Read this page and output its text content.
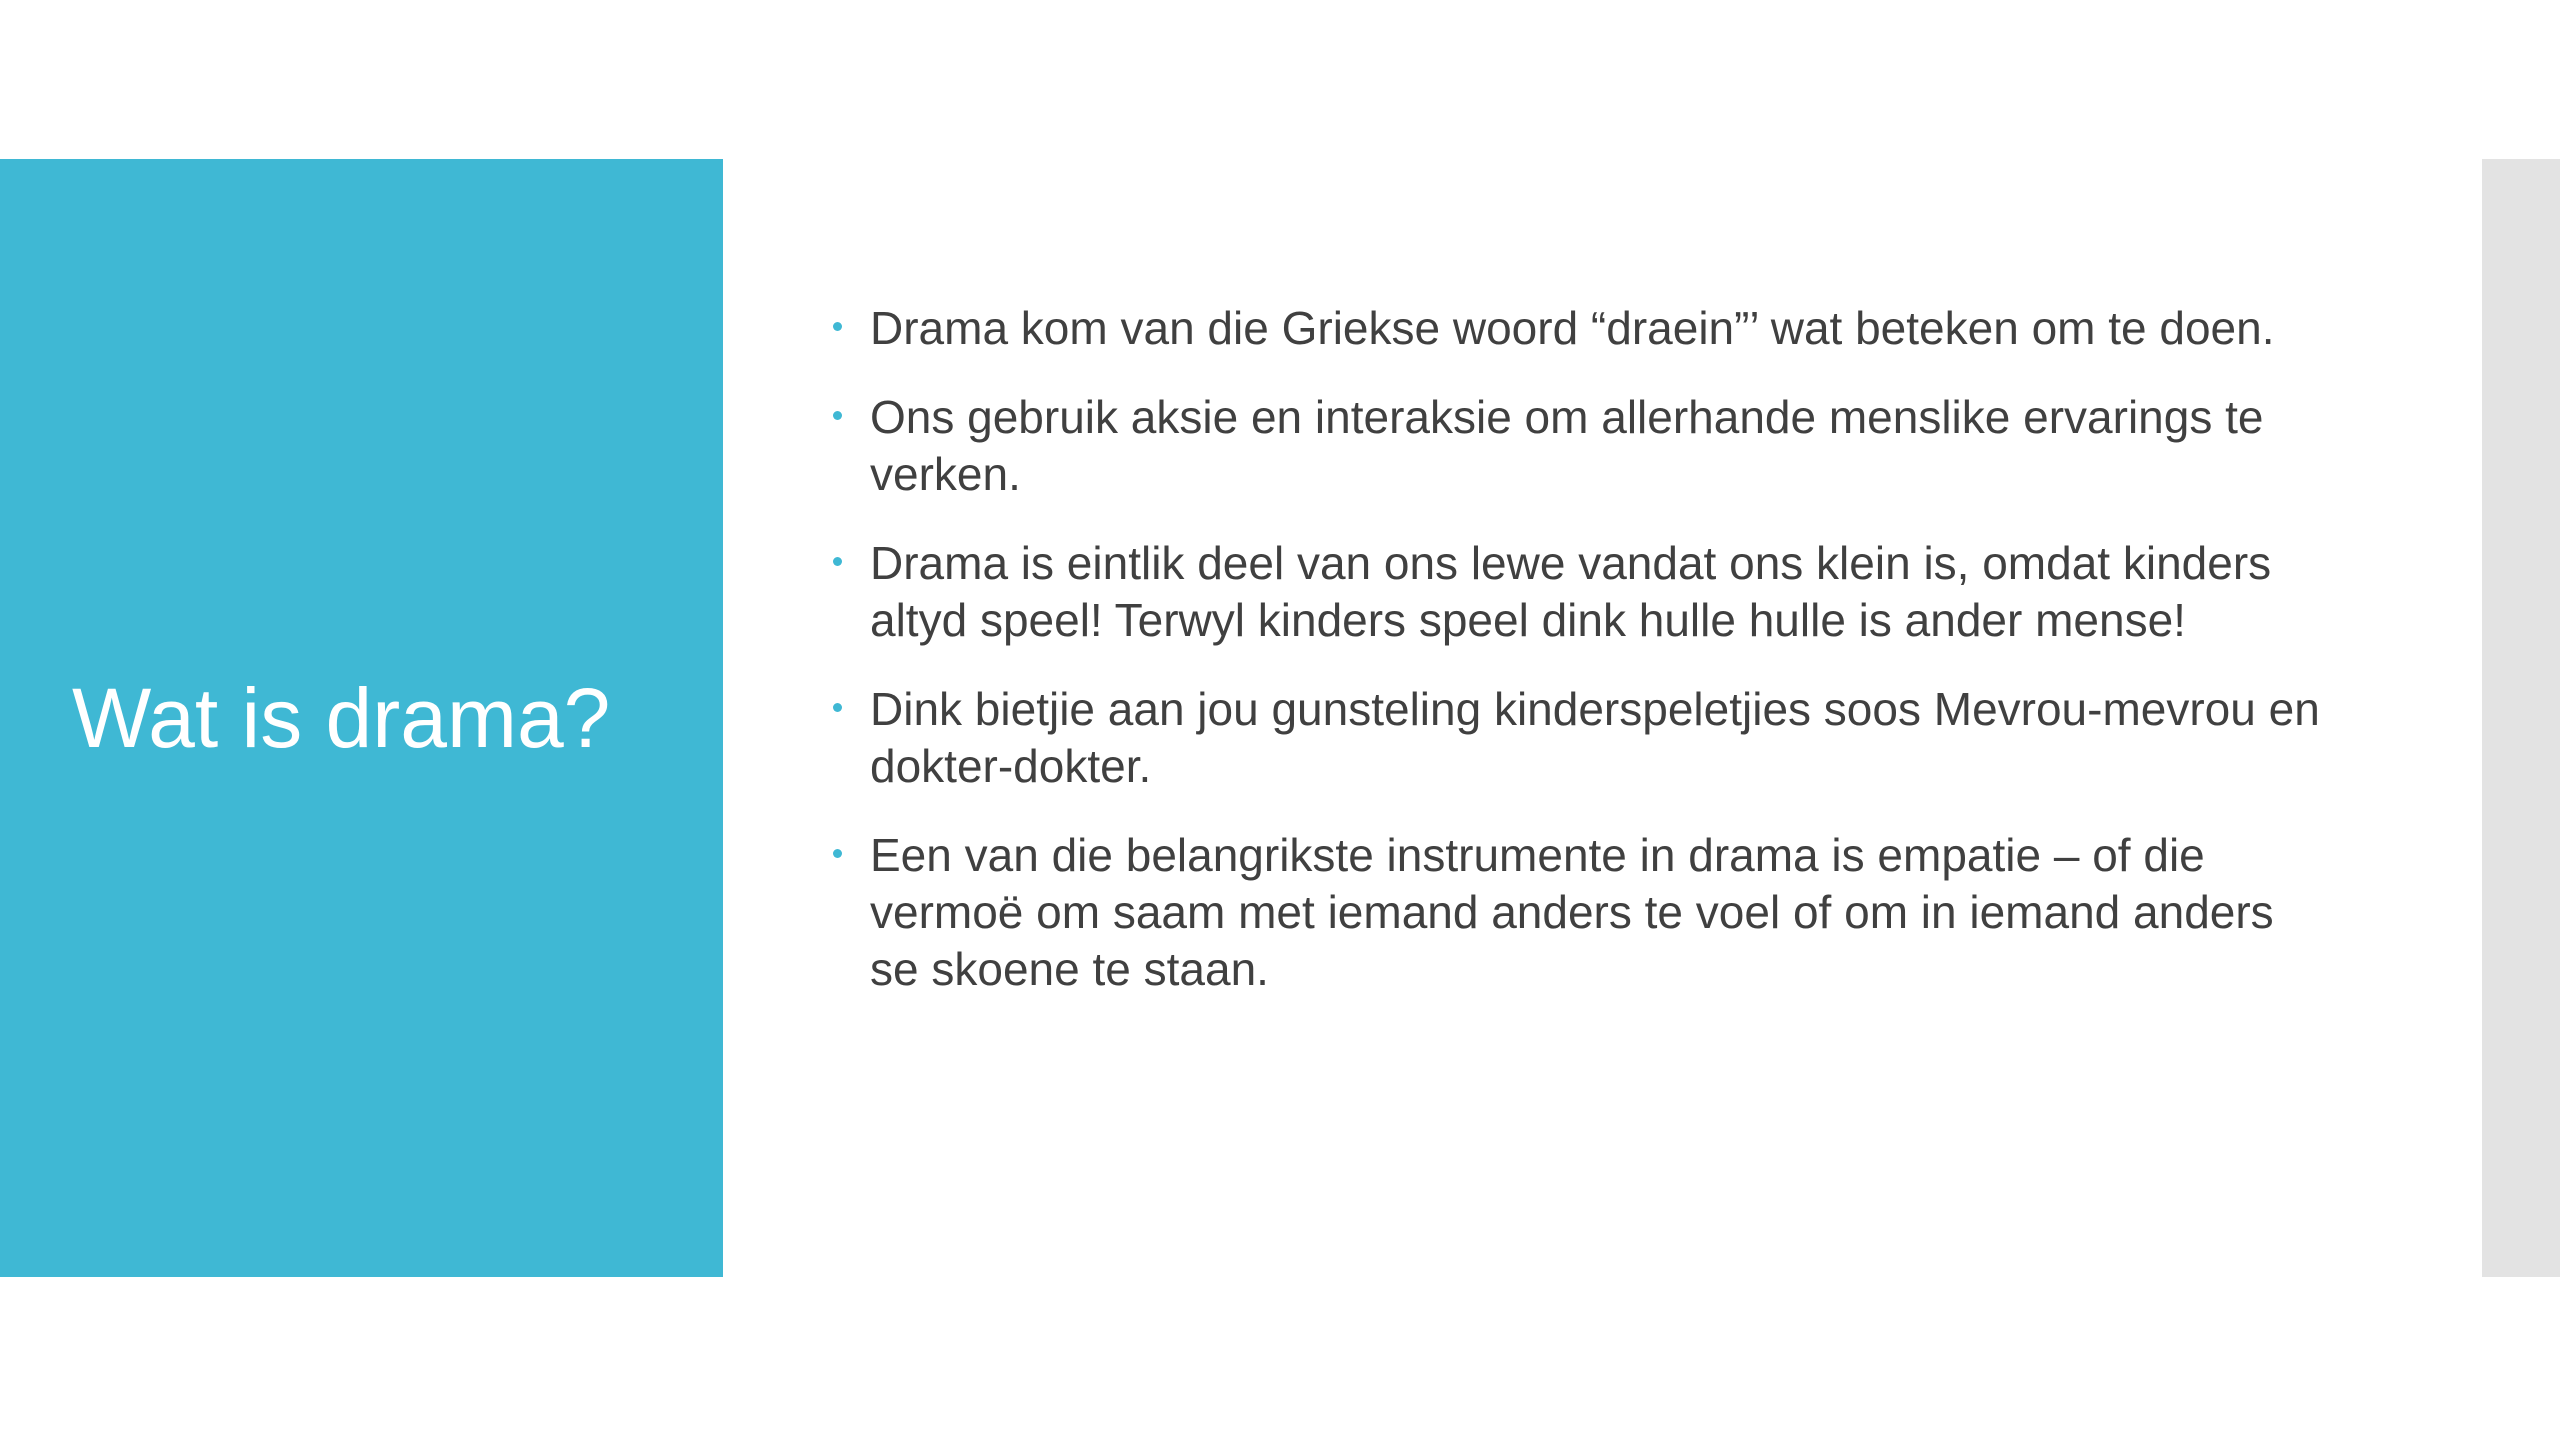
Wat is drama?
Drama kom van die Griekse woord “draein”’ wat beteken om te doen.
Ons gebruik aksie en interaksie om allerhande menslike ervarings te verken.
Drama is eintlik deel van ons lewe vandat ons klein is, omdat kinders altyd speel! Terwyl kinders speel dink hulle hulle is ander mense!
Dink bietjie aan jou gunsteling kinderspeletjies soos Mevrou-mevrou en dokter-dokter.
Een van die belangrikste instrumente in drama is empatie – of die vermoë om saam met iemand anders te voel of om in iemand anders se skoene te staan.
